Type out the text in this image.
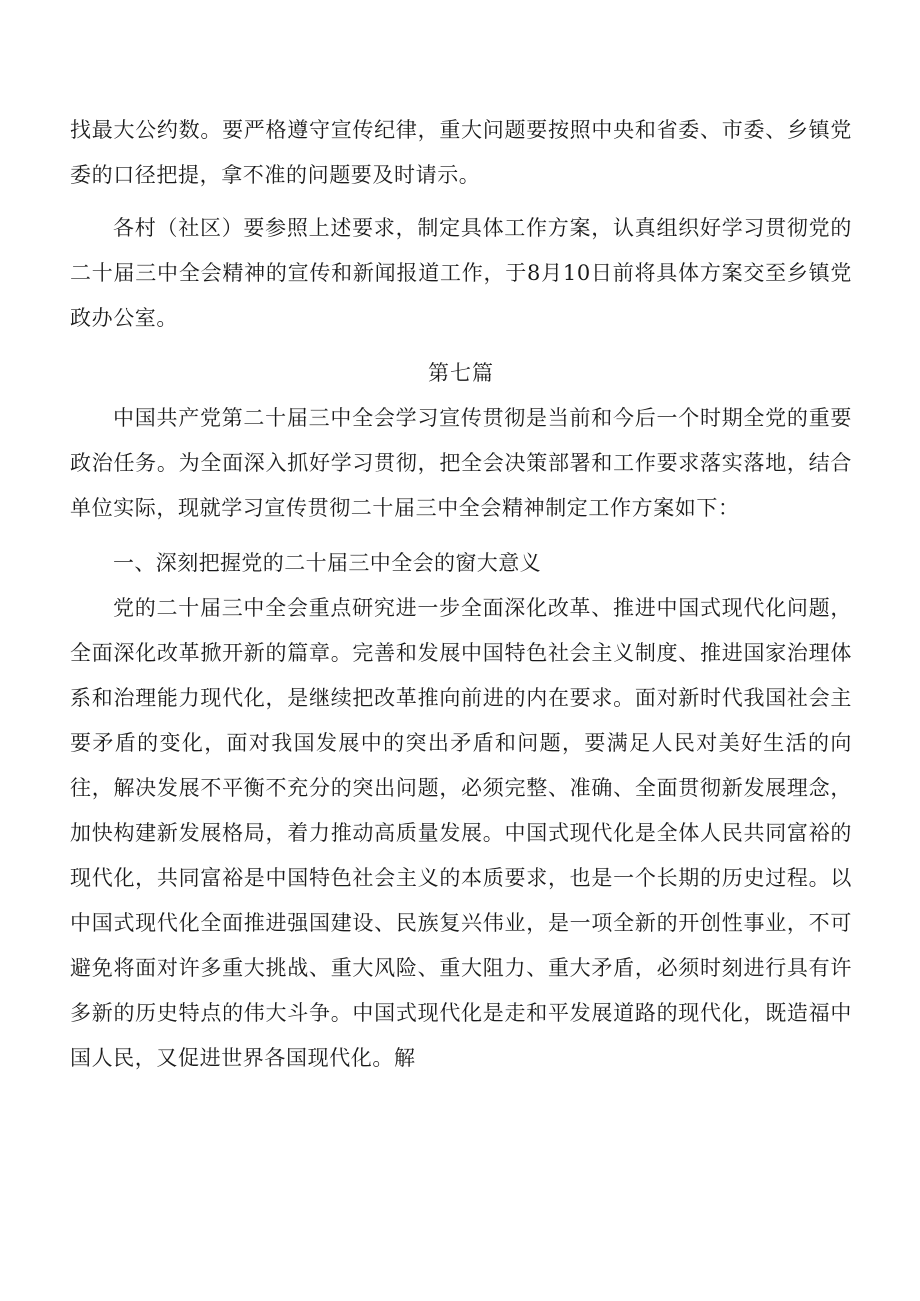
找最大公约数。要严格遵守宣传纪律，重大问题要按照中央和省委、市委、乡镇党委的口径把提，拿不准的问题要及时请示。

各村（社区）要参照上述要求，制定具体工作方案，认真组织好学习贯彻党的二十届三中全会精神的宣传和新闻报道工作，于8月10日前将具体方案交至乡镇党政办公室。

第七篇

中国共产党第二十届三中全会学习宣传贯彻是当前和今后一个时期全党的重要政治任务。为全面深入抓好学习贯彻，把全会决策部署和工作要求落实落地，结合单位实际，现就学习宣传贯彻二十届三中全会精神制定工作方案如下：

一、深刻把握党的二十届三中全会的窗大意义

党的二十届三中全会重点研究进一步全面深化改革、推进中国式现代化问题，全面深化改革掀开新的篇章。完善和发展中国特色社会主义制度、推进国家治理体系和治理能力现代化，是继续把改革推向前进的内在要求。面对新时代我国社会主要矛盾的变化，面对我国发展中的突出矛盾和问题，要满足人民对美好生活的向往，解决发展不平衡不充分的突出问题，必须完整、准确、全面贯彻新发展理念，加快构建新发展格局，着力推动高质量发展。中国式现代化是全体人民共同富裕的现代化，共同富裕是中国特色社会主义的本质要求，也是一个长期的历史过程。以中国式现代化全面推进强国建设、民族复兴伟业，是一项全新的开创性事业，不可避免将面对许多重大挑战、重大风险、重大阻力、重大矛盾，必须时刻进行具有许多新的历史特点的伟大斗争。中国式现代化是走和平发展道路的现代化，既造福中国人民，又促进世界各国现代化。解
